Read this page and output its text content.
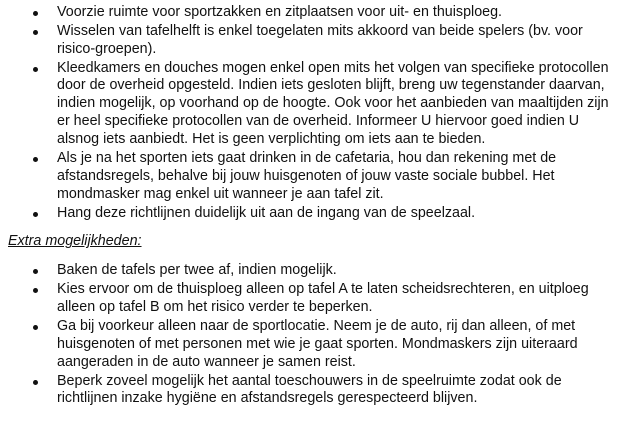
Voorzie ruimte voor sportzakken en zitplaatsen voor uit- en thuisploeg.
Wisselen van tafelhelft is enkel toegelaten mits akkoord van beide spelers (bv. voor
risico-groepen).
Kleedkamers en douches mogen enkel open mits het volgen van specifieke protocollen
door de overheid opgesteld. Indien iets gesloten blijft, breng uw tegenstander daarvan,
indien mogelijk, op voorhand op de hoogte. Ook voor het aanbieden van maaltijden zijn
er heel specifieke protocollen van de overheid. Informeer U hiervoor goed indien U
alsnog iets aanbiedt. Het is geen verplichting om iets aan te bieden.
Als je na het sporten iets gaat drinken in de cafetaria, hou dan rekening met de
afstandsregels, behalve bij jouw huisgenoten of jouw vaste sociale bubbel. Het
mondmasker mag enkel uit wanneer je aan tafel zit.
Hang deze richtlijnen duidelijk uit aan de ingang van de speelzaal.
Extra mogelijkheden:
Baken de tafels per twee af, indien mogelijk.
Kies ervoor om de thuisploeg alleen op tafel A te laten scheidsrechteren, en uitploeg
alleen op tafel B om het risico verder te beperken.
Ga bij voorkeur alleen naar de sportlocatie. Neem je de auto, rij dan alleen, of met
huisgenoten of met personen met wie je gaat sporten. Mondmaskers zijn uiteraard
aangeraden in de auto wanneer je samen reist.
Beperk zoveel mogelijk het aantal toeschouwers in de speelruimte zodat ook de
richtlijnen inzake hygiëne en afstandsregels gerespecteerd blijven.
